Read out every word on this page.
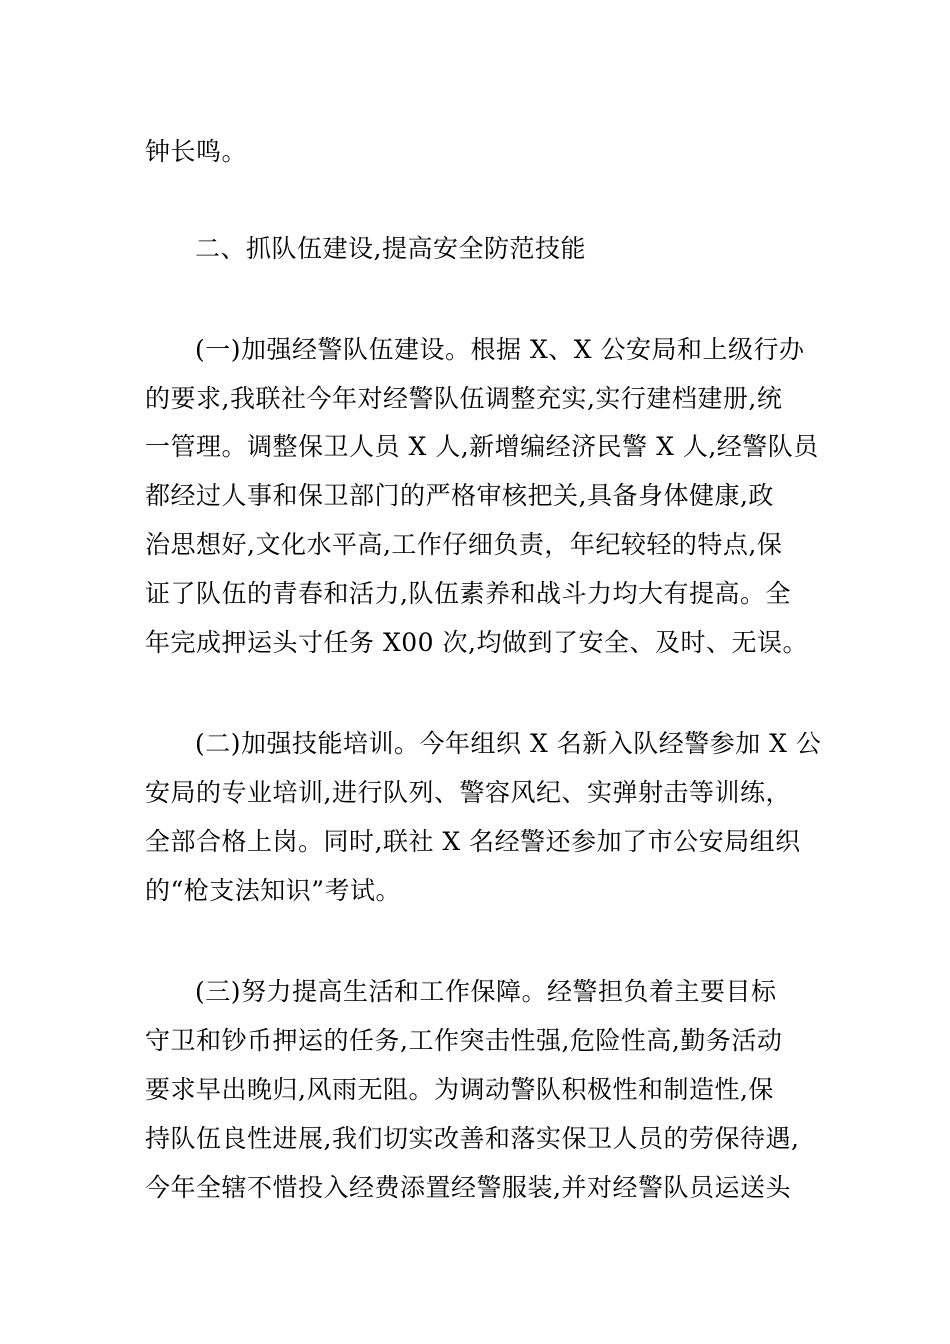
钟长鸣。
二、抓队伍建设,提高安全防范技能
(一)加强经警队伍建设。根据 X、X 公安局和上级行办
的要求,我联社今年对经警队伍调整充实,实行建档建册,统
一管理。调整保卫人员 X 人,新增编经济民警 X 人,经警队员
都经过人事和保卫部门的严格审核把关,具备身体健康,政
治思想好,文化水平高,工作仔细负责，年纪较轻的特点,保
证了队伍的青春和活力,队伍素养和战斗力均大有提高。全
年完成押运头寸任务 X00 次,均做到了安全、及时、无误。
(二)加强技能培训。今年组织 X 名新入队经警参加 X 公
安局的专业培训,进行队列、警容风纪、实弹射击等训练，
全部合格上岗。同时,联社 X 名经警还参加了市公安局组织
的“枪支法知识”考试。
(三)努力提高生活和工作保障。经警担负着主要目标
守卫和钞币押运的任务,工作突击性强,危险性高,勤务活动
要求早出晚归,风雨无阻。为调动警队积极性和制造性,保
持队伍良性进展,我们切实改善和落实保卫人员的劳保待遇,
今年全辖不惜投入经费添置经警服装,并对经警队员运送头
